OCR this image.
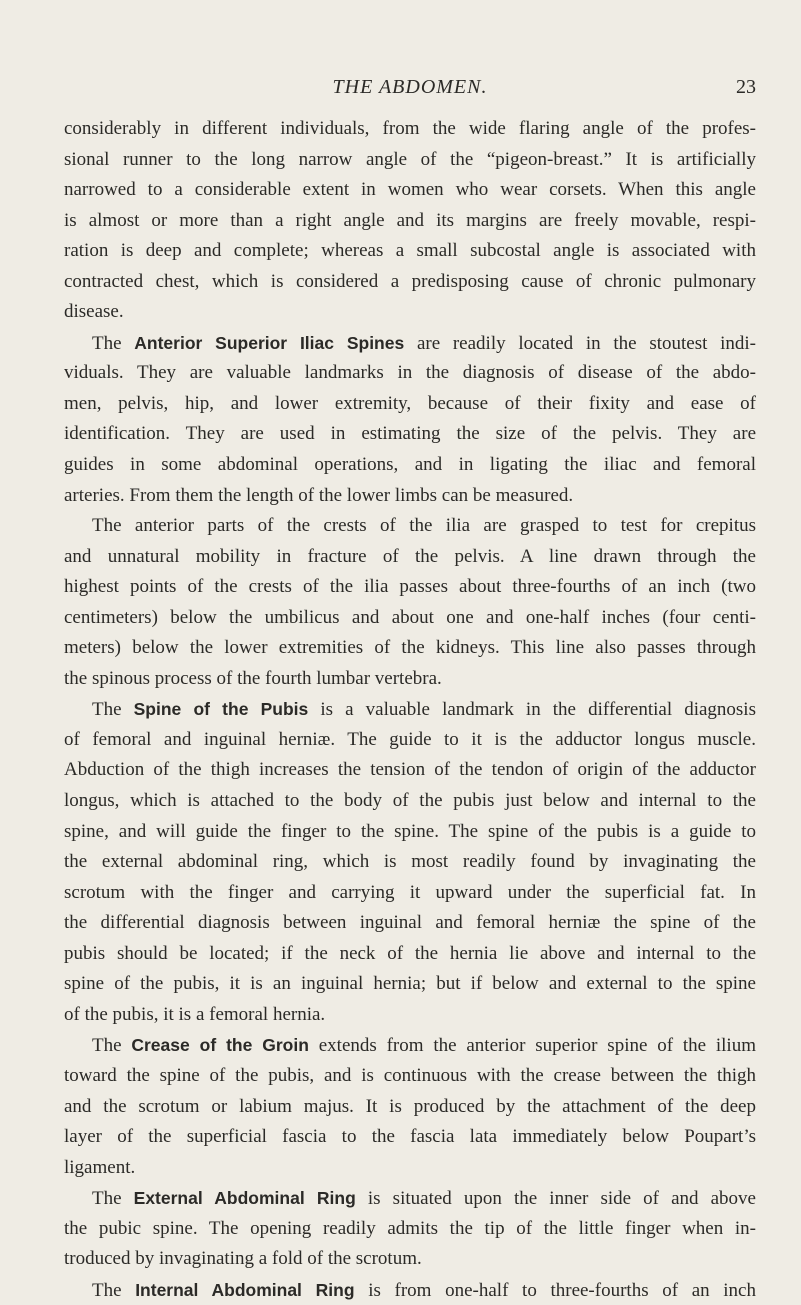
THE ABDOMEN.	23
considerably in different individuals, from the wide flaring angle of the profes-
sional runner to the long narrow angle of the “pigeon-breast.” It is artificially
narrowed to a considerable extent in women who wear corsets. When this angle
is almost or more than a right angle and its margins are freely movable, respi-
ration is deep and complete; whereas a small subcostal angle is associated with
contracted chest, which is considered a predisposing cause of chronic pulmonary
disease.
The Anterior Superior Iliac Spines are readily located in the stoutest indi-
viduals. They are valuable landmarks in the diagnosis of disease of the abdo-
men, pelvis, hip, and lower extremity, because of their fixity and ease of
identification. They are used in estimating the size of the pelvis. They are
guides in some abdominal operations, and in ligating the iliac and femoral
arteries. From them the length of the lower limbs can be measured.
The anterior parts of the crests of the ilia are grasped to test for crepitus
and unnatural mobility in fracture of the pelvis. A line drawn through the
highest points of the crests of the ilia passes about three-fourths of an inch (two
centimeters) below the umbilicus and about one and one-half inches (four centi-
meters) below the lower extremities of the kidneys. This line also passes through
the spinous process of the fourth lumbar vertebra.
The Spine of the Pubis is a valuable landmark in the differential diagnosis
of femoral and inguinal herniæ. The guide to it is the adductor longus muscle.
Abduction of the thigh increases the tension of the tendon of origin of the adductor
longus, which is attached to the body of the pubis just below and internal to the
spine, and will guide the finger to the spine. The spine of the pubis is a guide to
the external abdominal ring, which is most readily found by invaginating the
scrotum with the finger and carrying it upward under the superficial fat. In
the differential diagnosis between inguinal and femoral herniæ the spine of the
pubis should be located; if the neck of the hernia lie above and internal to the
spine of the pubis, it is an inguinal hernia; but if below and external to the spine
of the pubis, it is a femoral hernia.
The Crease of the Groin extends from the anterior superior spine of the ilium
toward the spine of the pubis, and is continuous with the crease between the thigh
and the scrotum or labium majus. It is produced by the attachment of the deep
layer of the superficial fascia to the fascia lata immediately below Poupart’s
ligament.
The External Abdominal Ring is situated upon the inner side of and above
the pubic spine. The opening readily admits the tip of the little finger when in-
troduced by invaginating a fold of the scrotum.
The Internal Abdominal Ring is from one-half to three-fourths of an inch
